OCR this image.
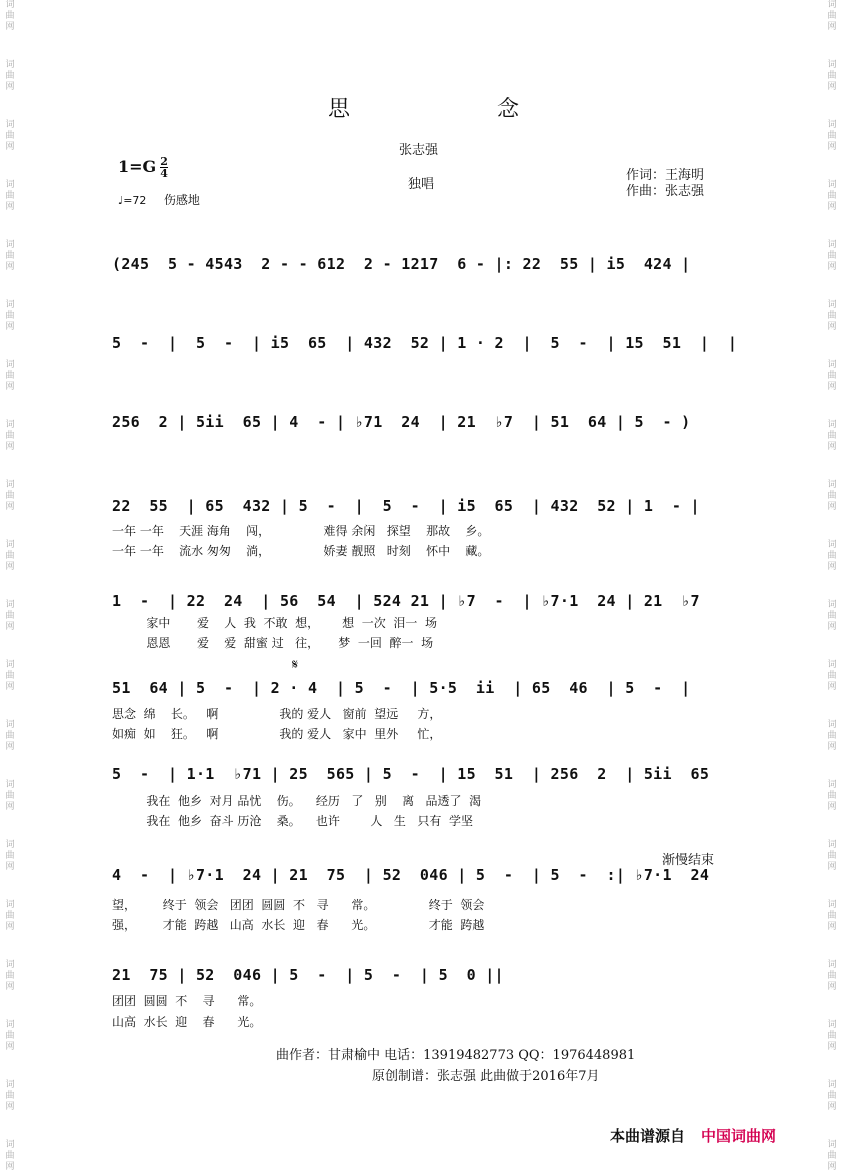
词
曲
网
词
曲
网
词
曲
网
词
曲
网
词
曲
网
词
曲
网
词
曲
网
词
曲
网
词
曲
网
词
曲
网
词
曲
网
词
曲
网
词
曲
网
词
曲
网
词
曲
网
词
曲
网
词
曲
网
词
曲
网
词
曲
网
词
曲
网
词
曲
网
词
曲
网
词
曲
网
词
曲
网
词
曲
网
词
曲
网
词
曲
网
词
曲
网
词
曲
网
词
曲
网
词
曲
网
词
曲
网
词
曲
网
词
曲
网
词
曲
网
词
曲
网
词
曲
网
词
曲
网
词
曲
网
词
曲
网
思	念
张志强
$1=G \frac{2}{4}$
独唱
作词：王海明
作曲：张志强
♩=72 伤感地
(245  5 - 4543  2 - - 612  2 - 1217  6 - |: 22  55 | i5  424 |
5  -  |  5  -  | i5  65  | 432  52 | 1 · 2  |  5  -  | 15  51  |  |
256  2 | 5ii  65 | 4  - | ♭71  24  | 21  ♭7  | 51  64 | 5  - )
22  55  | 65  432 | 5  -  |  5  -  | i5  65  | 432  52 | 1  - |
一年 一年    天涯 海角    闯，              难得 余闲   探望    那故    乡。
一年 一年    流水 匆匆    淌，              娇妻 靓照   时刻    怀中    藏。
1  -  | 22  24  | 56  54  | 524 21 | ♭7  -  | ♭7·1  24 | 21  ♭7
家中       爱    人  我  不敢  想，      想  一次  泪一  场
恩恩       爱    爱  甜蜜 过   往，     梦  一回  醉一  场
𝄋
51  64 | 5  -  | 2 · 4  | 5  -  | 5·5  ii  | 65  46  | 5  -  |
思念  绵    长。   啊                我的 爱人   窗前  望远     方，
如痴  如    狂。   啊                我的 爱人   家中  里外     忙，
5  -  | 1·1  ♭71 | 25  565 | 5  -  | 15  51  | 256  2  | 5ii  65
我在  他乡  对月 品忧    伤。    经历   了   别    离   品透了  渴
我在  他乡  奋斗 历沧    桑。    也许        人   生   只有  学坚
渐慢结束
4  -  | ♭7·1  24 | 21  75  | 52  046 | 5  -  | 5  -  :| ♭7·1  24
望，       终于  领会   团团  圆圆  不   寻      常。              终于  领会
强，       才能  跨越   山高  水长  迎   春      光。              才能  跨越
21  75 | 52  046 | 5  -  | 5  -  | 5  0 ||
团团  圆圆  不    寻      常。
山高  水长  迎    春      光。
曲作者：甘肃榆中 电话：13919482773 QQ：1976448981
原创制谱：张志强 此曲做于2016年7月
本曲谱源自 中国词曲网
